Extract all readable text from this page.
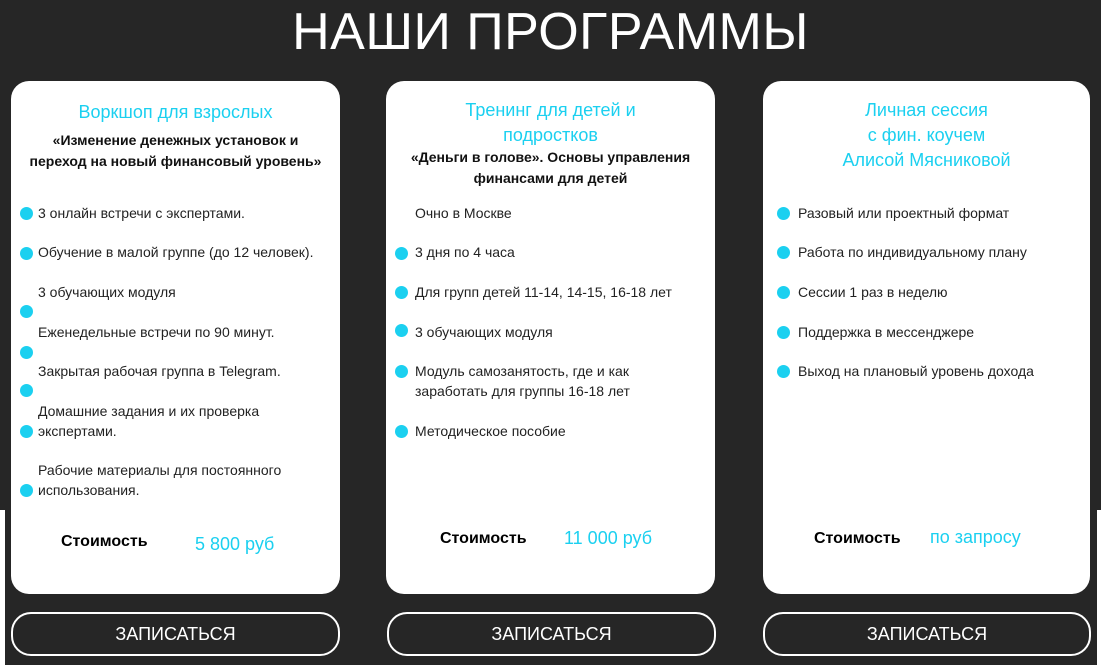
НАШИ ПРОГРАММЫ
Воркшоп для взрослых
«Изменение денежных установок и
переход на новый финансовый уровень»
3 онлайн встречи с экспертами.
Обучение в малой группе (до 12 человек).
3 обучающих модуля
Еженедельные встречи по 90 минут.
Закрытая рабочая группа в Telegram.
Домашние задания и их проверка
экспертами.
Рабочие материалы для постоянного
использования.
Стоимость	5 800 руб
Тренинг для детей и
подростков
«Деньги в голове». Основы управления
финансами для детей
Очно в Москве
3 дня по 4 часа
Для групп детей 11-14, 14-15, 16-18 лет
3 обучающих модуля
Модуль самозанятость, где и как
заработать для группы 16-18 лет
Методическое пособие
Стоимость 11 000 руб
Личная сессия
с фин. коучем
Алисой Мясниковой
Разовый или проектный формат
Работа по индивидуальному плану
Сессии 1 раз в неделю
Поддержка в мессенджере
Выход на плановый уровень дохода
Стоимость по запросу
ЗАПИСАТЬСЯ	ЗАПИСАТЬСЯ	ЗАПИСАТЬСЯ
